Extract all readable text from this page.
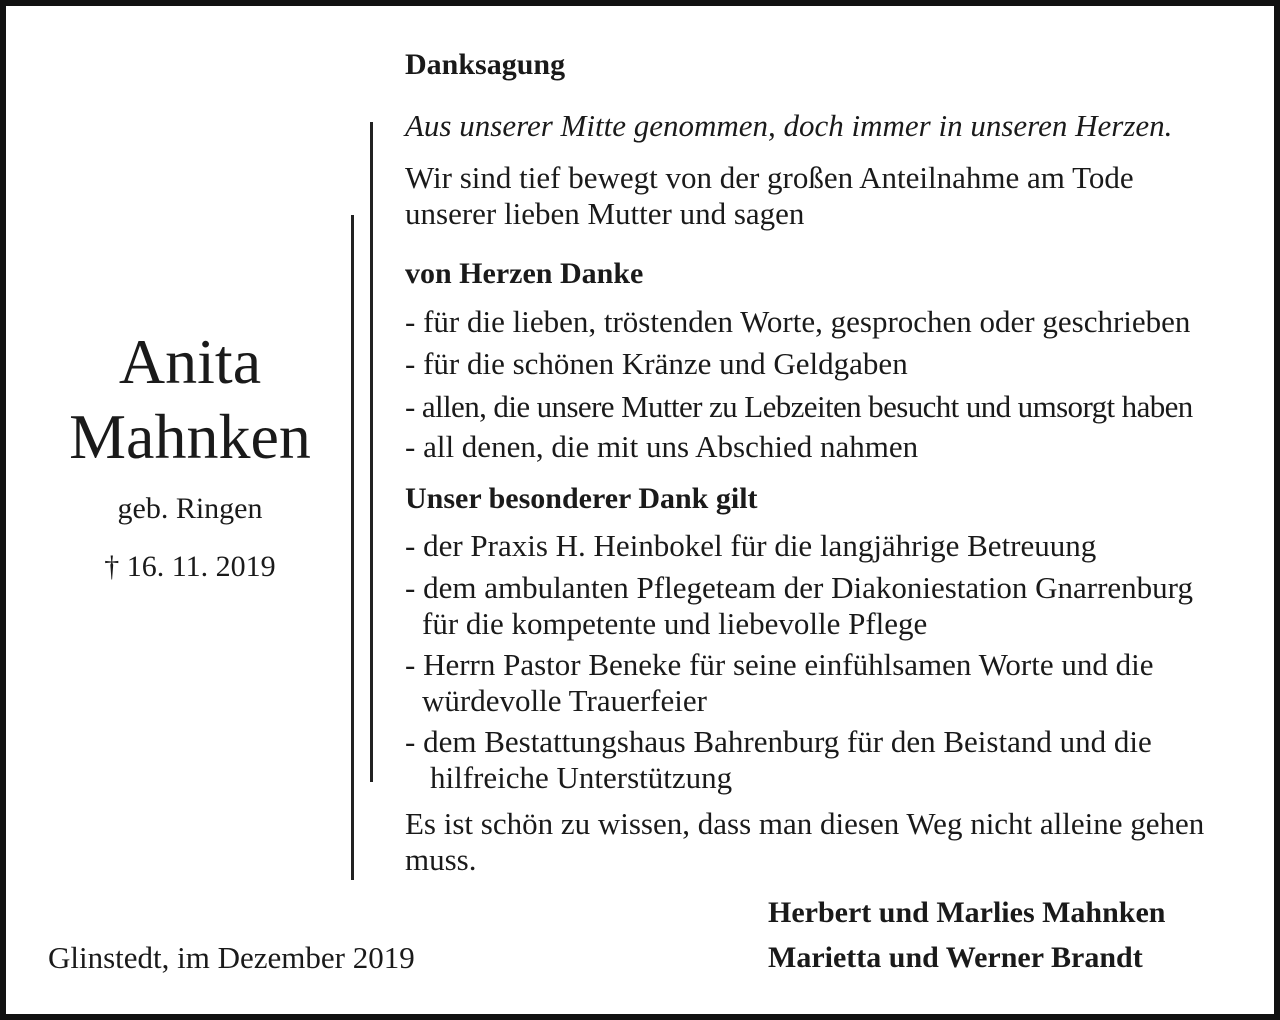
Anita
Mahnken
geb. Ringen
† 16. 11. 2019
Glinstedt, im Dezember 2019
Danksagung
Aus unserer Mitte genommen, doch immer in unseren Herzen.
Wir sind tief bewegt von der großen Anteilnahme am Tode
unserer lieben Mutter und sagen
von Herzen Danke
- für die lieben, tröstenden Worte, gesprochen oder geschrieben
- für die schönen Kränze und Geldgaben
- allen, die unsere Mutter zu Lebzeiten besucht und umsorgt haben
- all denen, die mit uns Abschied nahmen
Unser besonderer Dank gilt
- der Praxis H. Heinbokel für die langjährige Betreuung
- dem ambulanten Pflegeteam der Diakoniestation Gnarrenburg
für die kompetente und liebevolle Pflege
- Herrn Pastor Beneke für seine einfühlsamen Worte und die
würdevolle Trauerfeier
- dem Bestattungshaus Bahrenburg für den Beistand und die
hilfreiche Unterstützung
Es ist schön zu wissen, dass man diesen Weg nicht alleine gehen
muss.
Herbert und Marlies Mahnken
Marietta und Werner Brandt
